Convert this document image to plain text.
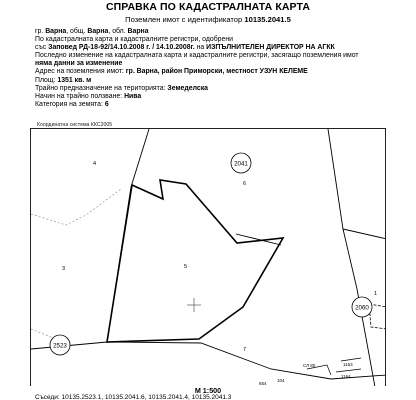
СПРАВКА ПО КАДАСТРАЛНАТА КАРТА
Поземлен имот с идентификатор 10135.2041.5
гр. Варна, общ. Варна, обл. Варна
По кадастралната карта и кадастралните регистри, одобрени
със Заповед РД-18-92/14.10.2008 г. / 14.10.2008г. на ИЗПЪЛНИТЕЛЕН ДИРЕКТОР НА АГКК
Последно изменение на кадастралната карта и кадастралните регистри, засягащо поземления имот
няма данни за изменение
Адрес на поземления имот: гр. Варна, район Приморски, местност УЗУН КЕЛЕМЕ
Площ: 1351 кв. м
Трайно предназначение на територията: Земеделска
Начин на трайно ползване: Нива
Категория на земята: 6
Координатна система ККС2005
2041
2060
2523
4
6
3	5
7
1
СЛ 80	1163
1164
104
654
М 1:500
Съседи: 10135.2523.1, 10135.2041.6, 10135.2041.4, 10135.2041.3
